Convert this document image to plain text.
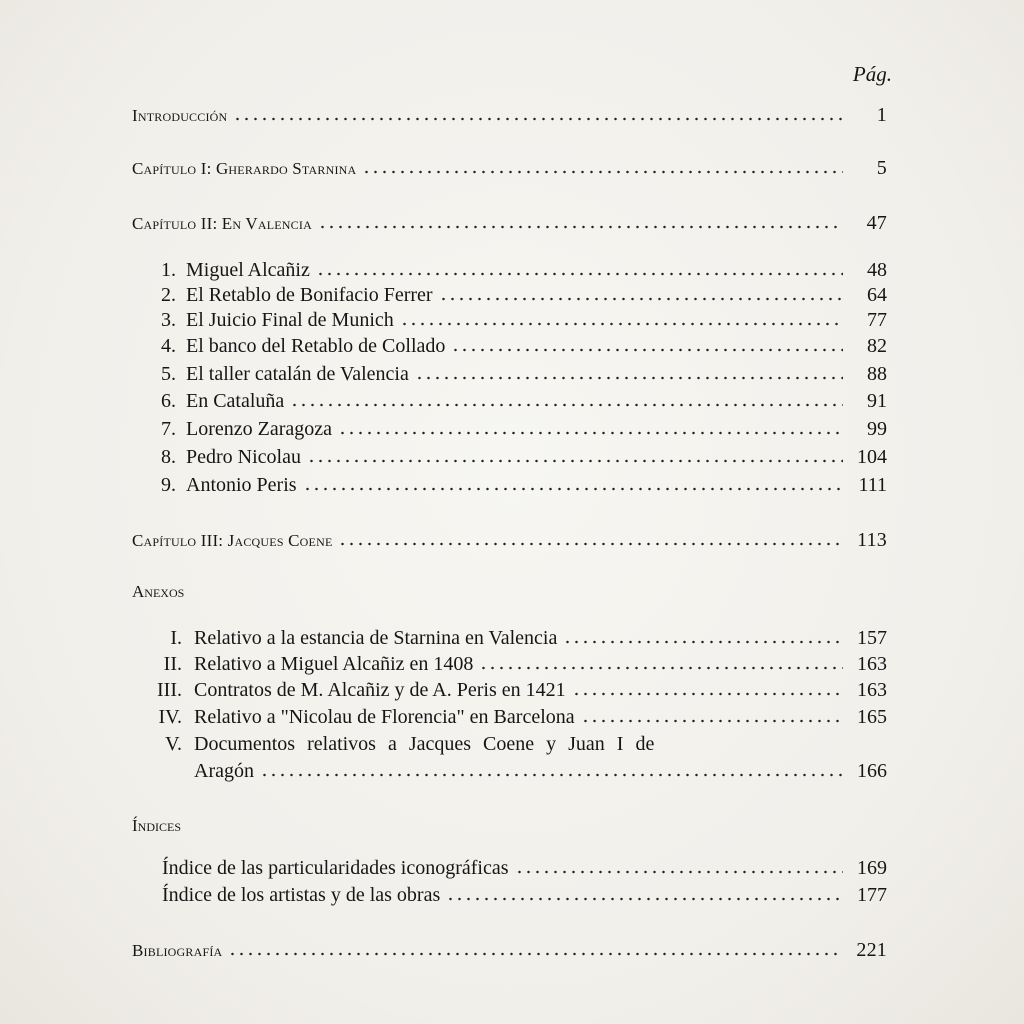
Pág.
Introducción	1
Capítulo I: Gherardo Starnina	5
Capítulo II: En Valencia	47
1. Miguel Alcañiz	48
2. El Retablo de Bonifacio Ferrer	64
3. El Juicio Final de Munich	77
4. El banco del Retablo de Collado	82
5. El taller catalán de Valencia	88
6. En Cataluña	91
7. Lorenzo Zaragoza	99
8. Pedro Nicolau	104
9. Antonio Peris	111
Capítulo III: Jacques Coene	113
Anexos
I. Relativo a la estancia de Starnina en Valencia	157
II. Relativo a Miguel Alcañiz en 1408	163
III. Contratos de M. Alcañiz y de A. Peris en 1421	163
IV. Relativo a "Nicolau de Florencia" en Barcelona	165
V. Documentos relativos a Jacques Coene y Juan I de
Aragón	166
Índices
Índice de las particularidades iconográficas	169
Índice de los artistas y de las obras	177
Bibliografía	221
